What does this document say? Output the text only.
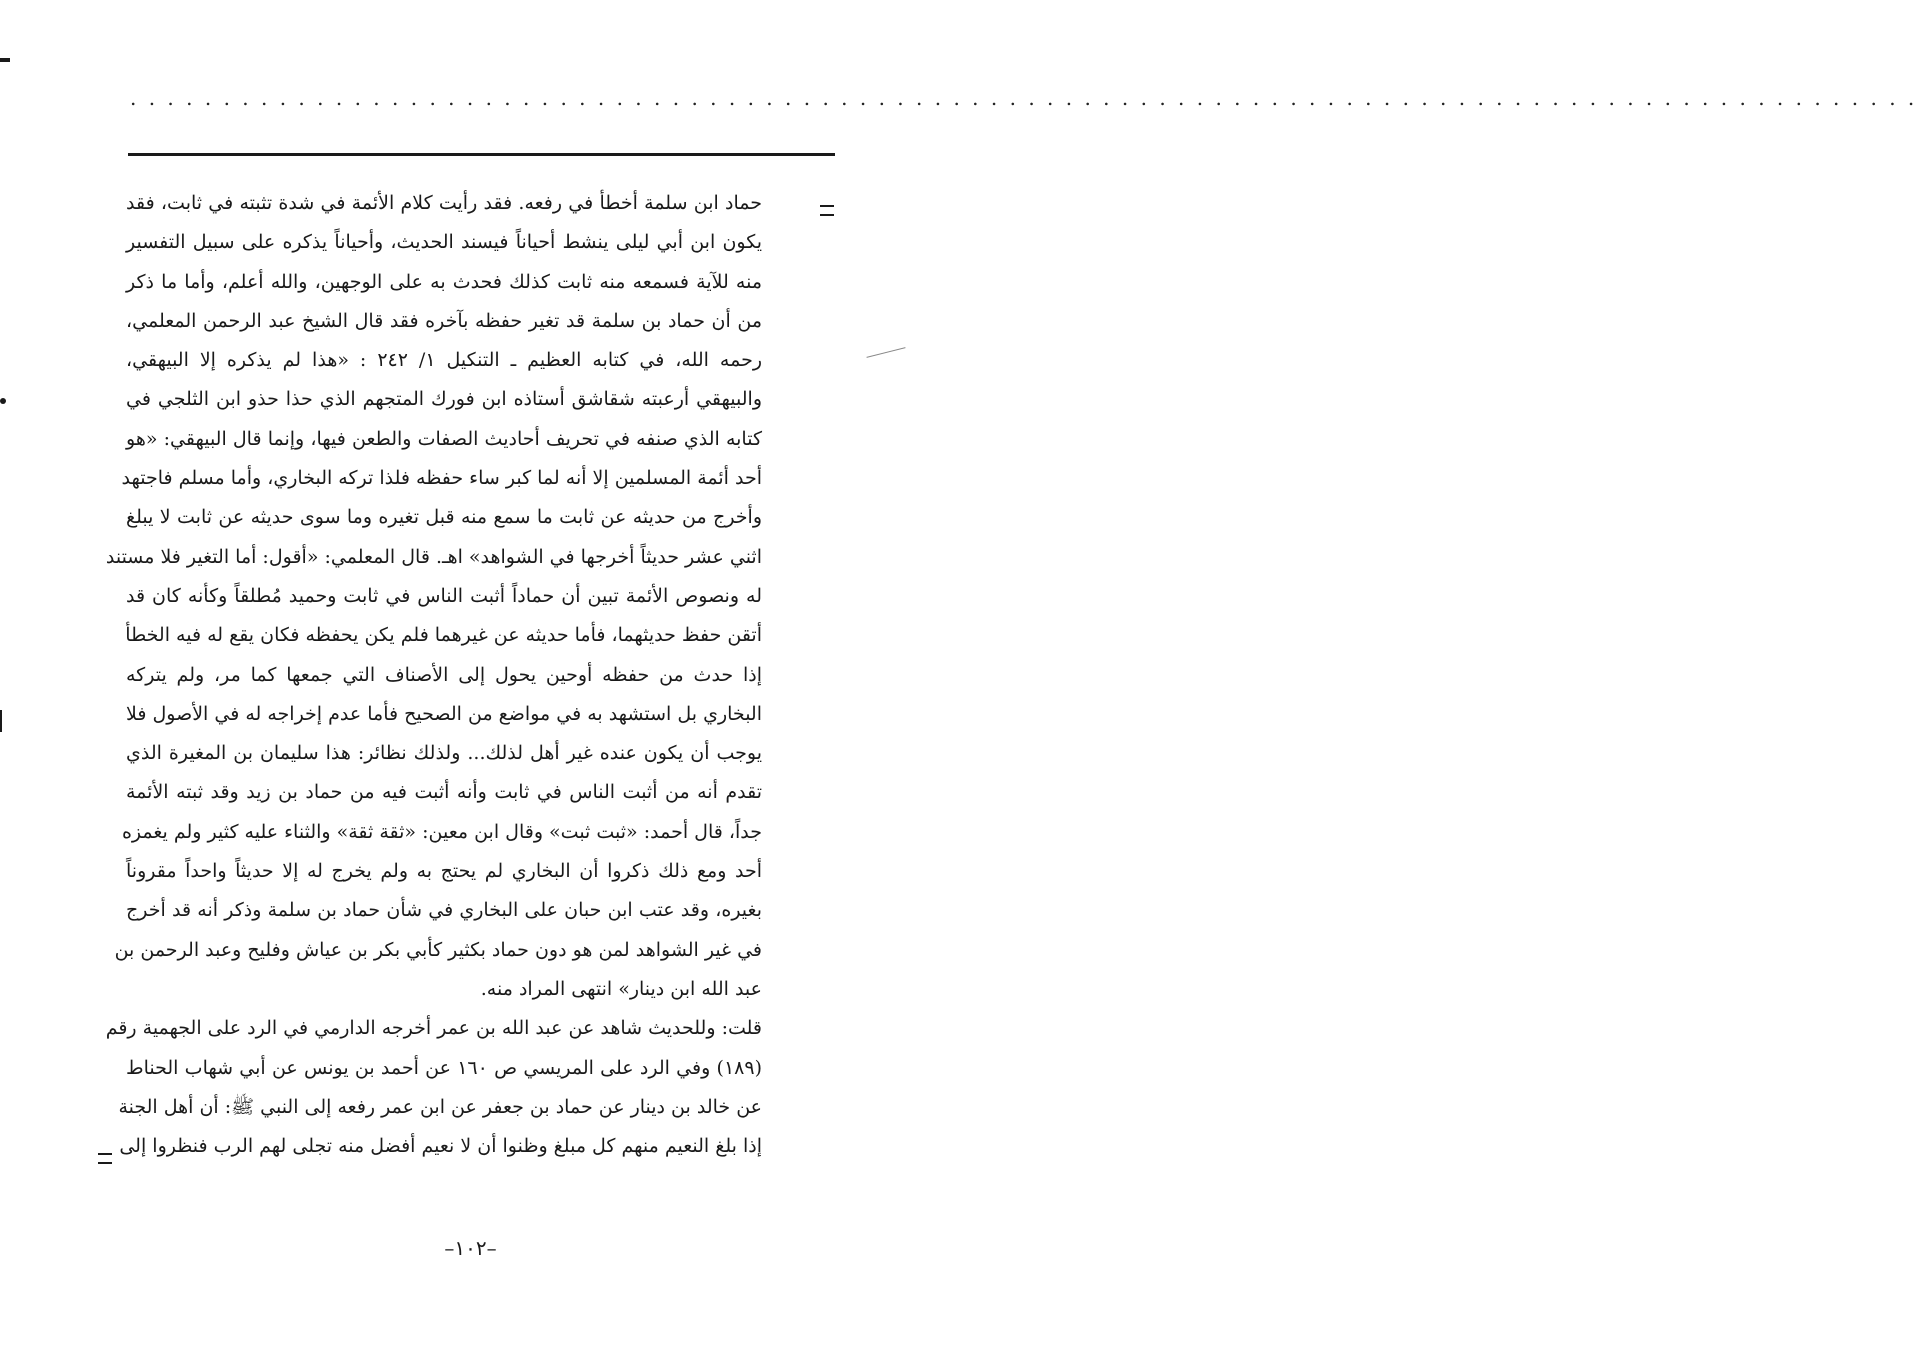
. . . . . . . . . . . . . . . . . . . . . . . . . . . . . . . . . . . . . . . . . . . . . . . . . . . . . . . . . . . . . . . . . . . . . . . . . . . . . . . . . . . . . . . . . . . . . . . .
حماد ابن سلمة أخطأ في رفعه. فقد رأيت كلام الأئمة في شدة تثبته في ثابت، فقد
يكون ابن أبي ليلى ينشط أحياناً فيسند الحديث، وأحياناً يذكره على سبيل التفسير
منه للآية فسمعه منه ثابت كذلك فحدث به على الوجهين، والله أعلم، وأما ما ذكر
من أن حماد بن سلمة قد تغير حفظه بآخره فقد قال الشيخ عبد الرحمن المعلمي،
رحمه الله، في كتابه العظيم ـ التنكيل ١/ ٢٤٢ : «هذا لم يذكره إلا البيهقي،
والبيهقي أرعبته شقاشق أستاذه ابن فورك المتجهم الذي حذا حذو ابن الثلجي في
كتابه الذي صنفه في تحريف أحاديث الصفات والطعن فيها، وإنما قال البيهقي: «هو
أحد أئمة المسلمين إلا أنه لما كبر ساء حفظه فلذا تركه البخاري، وأما مسلم فاجتهد
وأخرج من حديثه عن ثابت ما سمع منه قبل تغيره وما سوى حديثه عن ثابت لا يبلغ
اثني عشر حديثاً أخرجها في الشواهد» اهـ. قال المعلمي: «أقول: أما التغير فلا مستند
له ونصوص الأئمة تبين أن حماداً أثبت الناس في ثابت وحميد مُطلقاً وكأنه كان قد
أتقن حفظ حديثهما، فأما حديثه عن غيرهما فلم يكن يحفظه فكان يقع له فيه الخطأ
إذا حدث من حفظه أوحين يحول إلى الأصناف التي جمعها كما مر، ولم يتركه
البخاري بل استشهد به في مواضع من الصحيح فأما عدم إخراجه له في الأصول فلا
يوجب أن يكون عنده غير أهل لذلك... ولذلك نظائر: هذا سليمان بن المغيرة الذي
تقدم أنه من أثبت الناس في ثابت وأنه أثبت فيه من حماد بن زيد وقد ثبته الأئمة
جداً، قال أحمد: «ثبت ثبت» وقال ابن معين: «ثقة ثقة» والثناء عليه كثير ولم يغمزه
أحد ومع ذلك ذكروا أن البخاري لم يحتج به ولم يخرج له إلا حديثاً واحداً مقروناً
بغيره، وقد عتب ابن حبان على البخاري في شأن حماد بن سلمة وذكر أنه قد أخرج
في غير الشواهد لمن هو دون حماد بكثير كأبي بكر بن عياش وفليح وعبد الرحمن بن
عبد الله ابن دينار» انتهى المراد منه.
قلت: وللحديث شاهد عن عبد الله بن عمر أخرجه الدارمي في الرد على الجهمية رقم
(١٨٩) وفي الرد على المريسي ص ١٦٠ عن أحمد بن يونس عن أبي شهاب الحناط
عن خالد بن دينار عن حماد بن جعفر عن ابن عمر رفعه إلى النبي ﷺ: أن أهل الجنة
إذا بلغ النعيم منهم كل مبلغ وظنوا أن لا نعيم أفضل منه تجلى لهم الرب فنظروا إلى
–١٠٢–
